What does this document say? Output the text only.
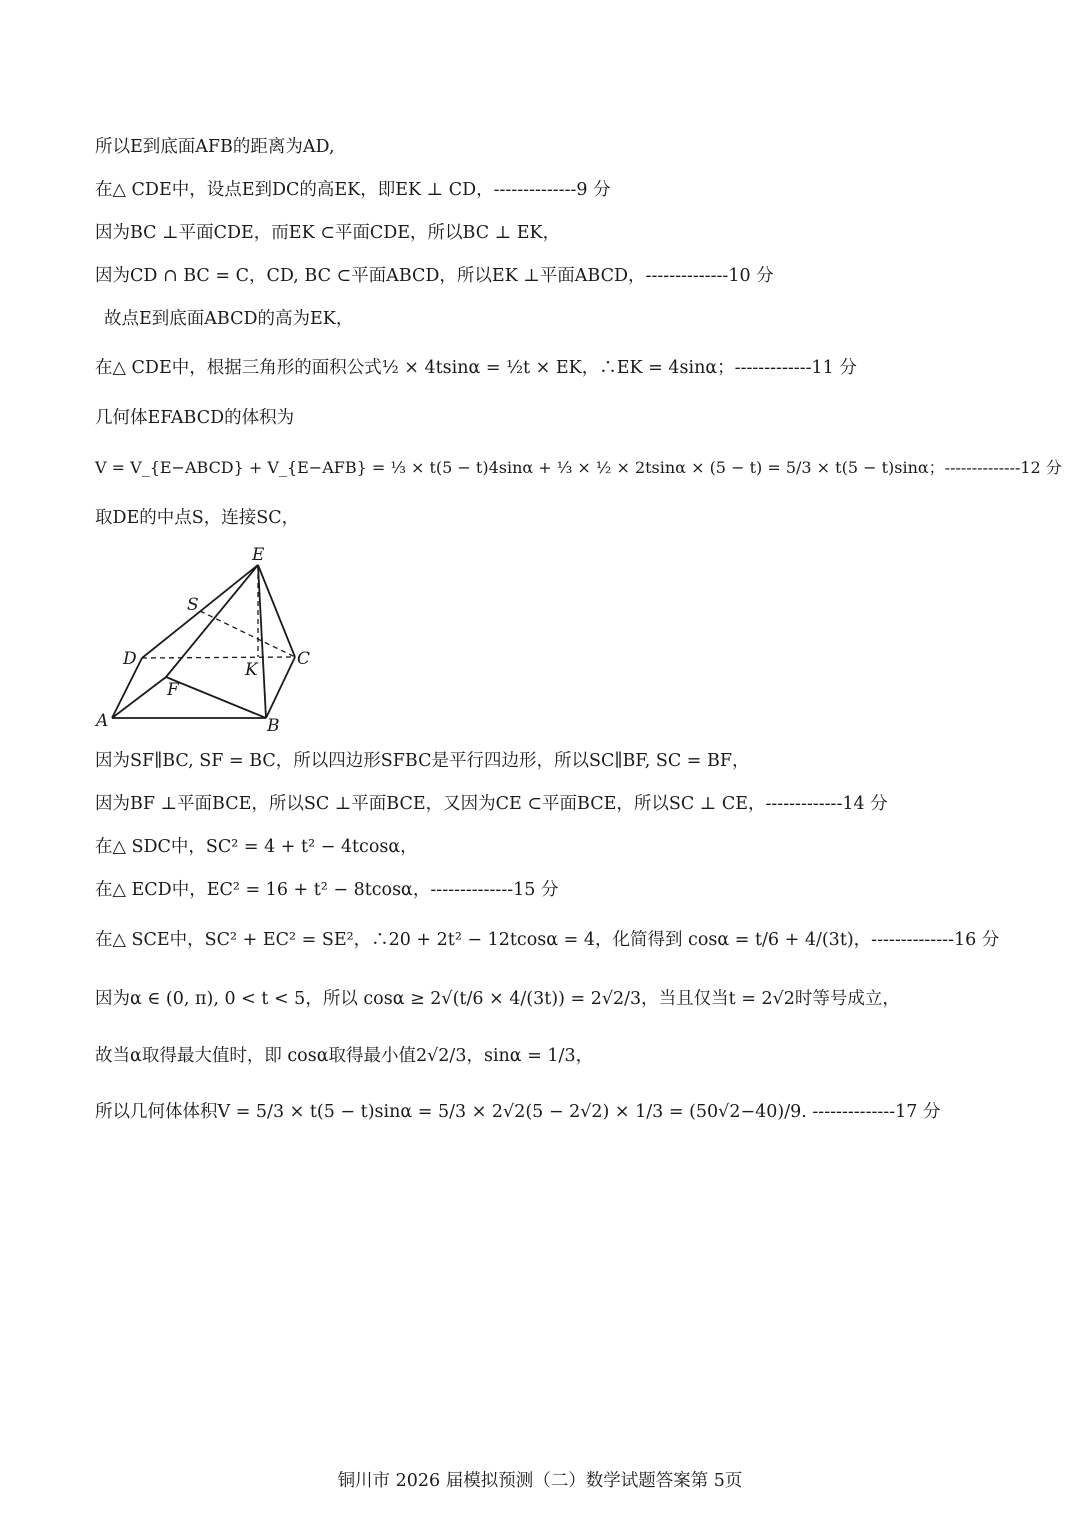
所以E到底面AFB的距离为AD,
在△ CDE中，设点E到DC的高EK，即EK ⊥ CD，--------------9 分
因为BC ⊥平面CDE，而EK ⊂平面CDE，所以BC ⊥ EK，
因为CD ∩ BC = C，CD, BC ⊂平面ABCD，所以EK ⊥平面ABCD，--------------10 分
故点E到底面ABCD的高为EK，
在△ CDE中，根据三角形的面积公式½ × 4tsinα = ½t × EK，∴EK = 4sinα；-------------11 分
几何体EFABCD的体积为
V = V_{E−ABCD} + V_{E−AFB} = ⅓ × t(5 − t)4sinα + ⅓ × ½ × 2tsinα × (5 − t) = 5/3 × t(5 − t)sinα；--------------12 分
取DE的中点S，连接SC，
E
S
D	C
K
F
A	B
因为SF∥BC, SF = BC，所以四边形SFBC是平行四边形，所以SC∥BF, SC = BF，
因为BF ⊥平面BCE，所以SC ⊥平面BCE，又因为CE ⊂平面BCE，所以SC ⊥ CE，-------------14 分
在△ SDC中，SC² = 4 + t² − 4tcosα，
在△ ECD中，EC² = 16 + t² − 8tcosα，--------------15 分
在△ SCE中，SC² + EC² = SE²，∴20 + 2t² − 12tcosα = 4，化简得到 cosα = t/6 + 4/(3t)，--------------16 分
因为α ∈ (0, π), 0 < t < 5，所以 cosα ≥ 2√(t/6 × 4/(3t)) = 2√2/3，当且仅当t = 2√2时等号成立，
故当α取得最大值时，即 cosα取得最小值2√2/3，sinα = 1/3，
所以几何体体积V = 5/3 × t(5 − t)sinα = 5/3 × 2√2(5 − 2√2) × 1/3 = (50√2−40)/9. --------------17 分
铜川市 2026 届模拟预测（二）数学试题答案第 5页
